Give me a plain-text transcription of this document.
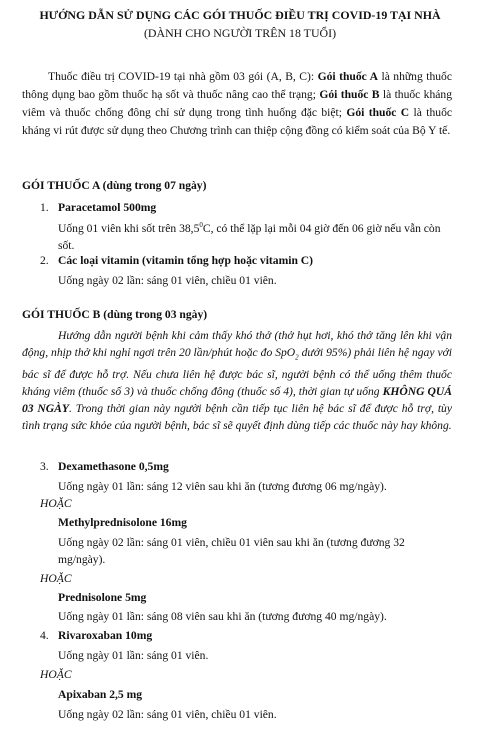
HƯỚNG DẪN SỬ DỤNG CÁC GÓI THUỐC ĐIỀU TRỊ COVID-19 TẠI NHÀ
(DÀNH CHO NGƯỜI TRÊN 18 TUỔI)
Thuốc điều trị COVID-19 tại nhà gồm 03 gói (A, B, C): Gói thuốc A là những thuốc thông dụng bao gồm thuốc hạ sốt và thuốc nâng cao thể trạng; Gói thuốc B là thuốc kháng viêm và thuốc chống đông chỉ sử dụng trong tình huống đặc biệt; Gói thuốc C là thuốc kháng vi rút được sử dụng theo Chương trình can thiệp cộng đồng có kiểm soát của Bộ Y tế.
GÓI THUỐC A (dùng trong 07 ngày)
1. Paracetamol 500mg
Uống 01 viên khi sốt trên 38,5$^0$C, có thể lặp lại mỗi 04 giờ đến 06 giờ nếu vẫn còn sốt.
2. Các loại vitamin (vitamin tổng hợp hoặc vitamin C)
Uống ngày 02 lần: sáng 01 viên, chiều 01 viên.
GÓI THUỐC B (dùng trong 03 ngày)
Hướng dẫn người bệnh khi cảm thấy khó thở (thở hụt hơi, khó thở tăng lên khi vận động, nhịp thở khi nghỉ ngơi trên 20 lần/phút hoặc đo SpO$_2$ dưới 95%) phải liên hệ ngay với bác sĩ để được hỗ trợ. Nếu chưa liên hệ được bác sĩ, người bệnh có thể uống thêm thuốc kháng viêm (thuốc số 3) và thuốc chống đông (thuốc số 4), thời gian tự uống KHÔNG QUÁ 03 NGÀY. Trong thời gian này người bệnh cần tiếp tục liên hệ bác sĩ để được hỗ trợ, tùy tình trạng sức khỏe của người bệnh, bác sĩ sẽ quyết định dùng tiếp các thuốc này hay không.
3. Dexamethasone 0,5mg
Uống ngày 01 lần: sáng 12 viên sau khi ăn (tương đương 06 mg/ngày).
HOẶC
Methylprednisolone 16mg
Uống ngày 02 lần: sáng 01 viên, chiều 01 viên sau khi ăn (tương đương 32 mg/ngày).
HOẶC
Prednisolone 5mg
Uống ngày 01 lần: sáng 08 viên sau khi ăn (tương đương 40 mg/ngày).
4. Rivaroxaban 10mg
Uống ngày 01 lần: sáng 01 viên.
HOẶC
Apixaban 2,5 mg
Uống ngày 02 lần: sáng 01 viên, chiều 01 viên.
